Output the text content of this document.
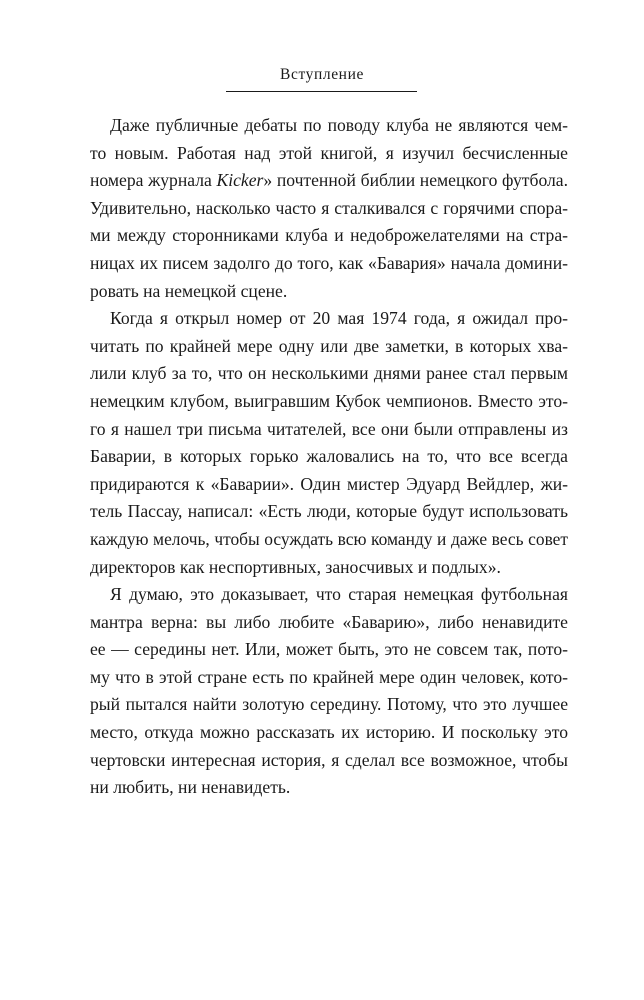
Вступление
Даже публичные дебаты по поводу клуба не являются чем-
то новым. Работая над этой книгой, я изучил бесчисленные
номера журнала Kicker» почтенной библии немецкого футбола.
Удивительно, насколько часто я сталкивался с горячими спора-
ми между сторонниками клуба и недоброжелателями на стра-
ницах их писем задолго до того, как «Бавария» начала домини-
ровать на немецкой сцене.
Когда я открыл номер от 20 мая 1974 года, я ожидал про-
читать по крайней мере одну или две заметки, в которых хва-
лили клуб за то, что он несколькими днями ранее стал первым
немецким клубом, выигравшим Кубок чемпионов. Вместо это-
го я нашел три письма читателей, все они были отправлены из
Баварии, в которых горько жаловались на то, что все всегда
придираются к «Баварии». Один мистер Эдуард Вейдлер, жи-
тель Пассау, написал: «Есть люди, которые будут использовать
каждую мелочь, чтобы осуждать всю команду и даже весь совет
директоров как неспортивных, заносчивых и подлых».
Я думаю, это доказывает, что старая немецкая футбольная
мантра верна: вы либо любите «Баварию», либо ненавидите
ее — середины нет. Или, может быть, это не совсем так, пото-
му что в этой стране есть по крайней мере один человек, кото-
рый пытался найти золотую середину. Потому, что это лучшее
место, откуда можно рассказать их историю. И поскольку это
чертовски интересная история, я сделал все возможное, чтобы
ни любить, ни ненавидеть.
